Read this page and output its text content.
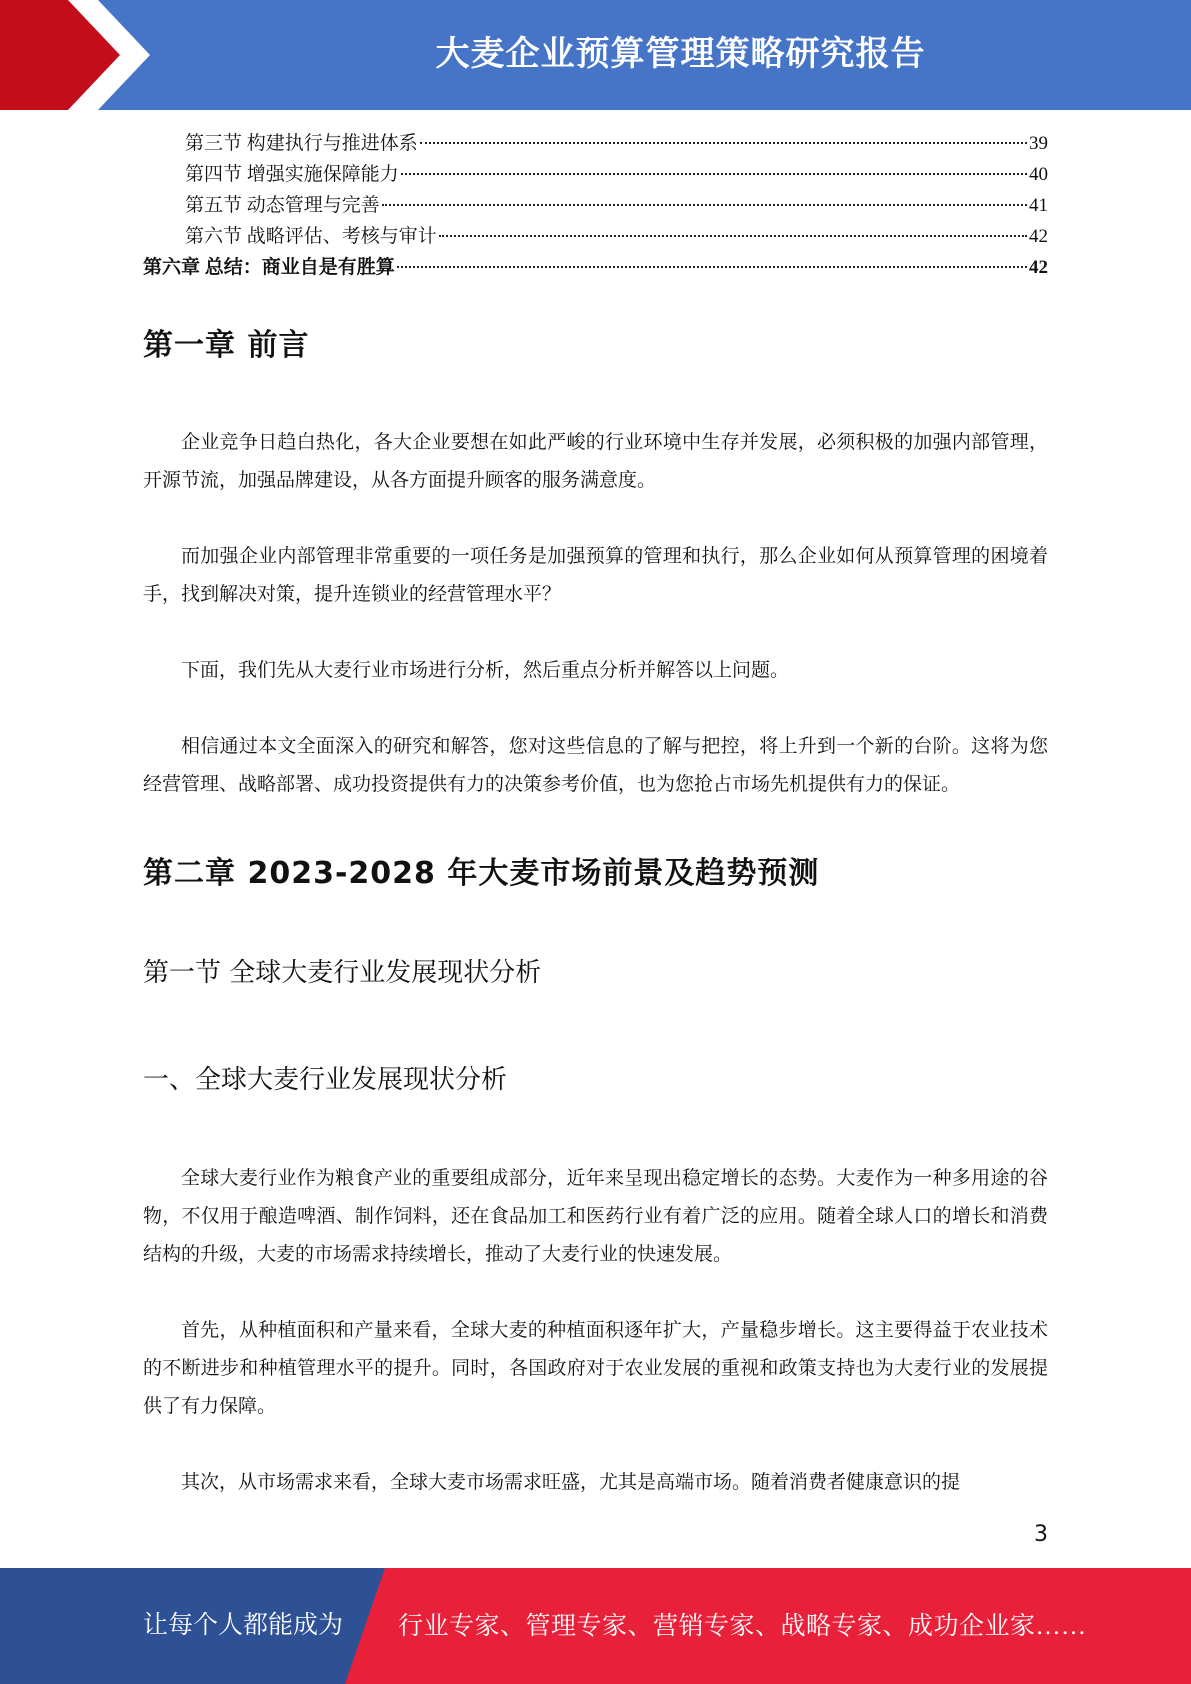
大麦企业预算管理策略研究报告
第三节 构建执行与推进体系	39
第四节 增强实施保障能力	40
第五节 动态管理与完善	41
第六节 战略评估、考核与审计	42
第六章 总结：商业自是有胜算	42
第一章 前言

企业竞争日趋白热化，各大企业要想在如此严峻的行业环境中生存并发展，必须积极的加强内部管理，开源节流，加强品牌建设，从各方面提升顾客的服务满意度。

而加强企业内部管理非常重要的一项任务是加强预算的管理和执行，那么企业如何从预算管理的困境着手，找到解决对策，提升连锁业的经营管理水平？

下面，我们先从大麦行业市场进行分析，然后重点分析并解答以上问题。

相信通过本文全面深入的研究和解答，您对这些信息的了解与把控，将上升到一个新的台阶。这将为您经营管理、战略部署、成功投资提供有力的决策参考价值，也为您抢占市场先机提供有力的保证。

第二章 2023-2028 年大麦市场前景及趋势预测
第一节 全球大麦行业发展现状分析
一、全球大麦行业发展现状分析

全球大麦行业作为粮食产业的重要组成部分，近年来呈现出稳定增长的态势。大麦作为一种多用途的谷物，不仅用于酿造啤酒、制作饲料，还在食品加工和医药行业有着广泛的应用。随着全球人口的增长和消费结构的升级，大麦的市场需求持续增长，推动了大麦行业的快速发展。

首先，从种植面积和产量来看，全球大麦的种植面积逐年扩大，产量稳步增长。这主要得益于农业技术的不断进步和种植管理水平的提升。同时，各国政府对于农业发展的重视和政策支持也为大麦行业的发展提供了有力保障。

其次，从市场需求来看，全球大麦市场需求旺盛，尤其是高端市场。随着消费者健康意识的提

3
让每个人都能成为 行业专家、管理专家、营销专家、战略专家、成功企业家……
